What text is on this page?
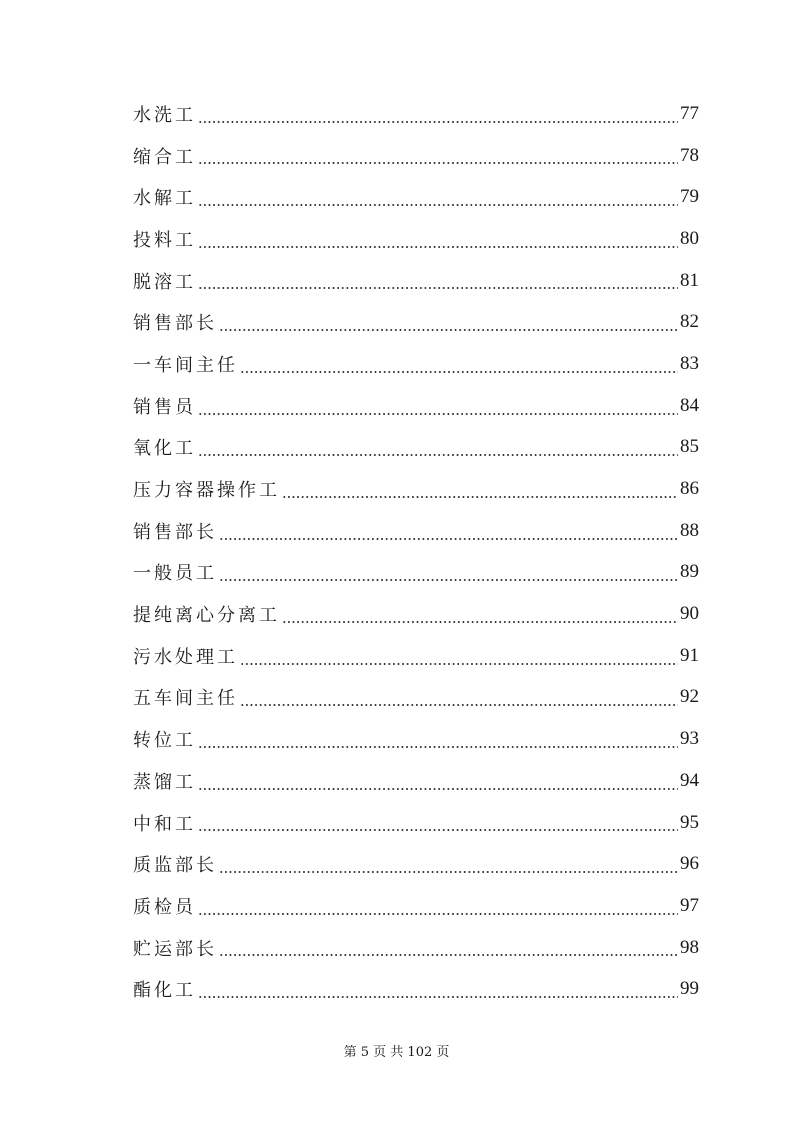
水洗工	77
缩合工	78
水解工	79
投料工	80
脱溶工	81
销售部长	82
一车间主任	83
销售员	84
氧化工	85
压力容器操作工	86
销售部长	88
一般员工	89
提纯离心分离工	90
污水处理工	91
五车间主任	92
转位工	93
蒸馏工	94
中和工	95
质监部长	96
质检员	97
贮运部长	98
酯化工	99
第 5 页 共 102 页
